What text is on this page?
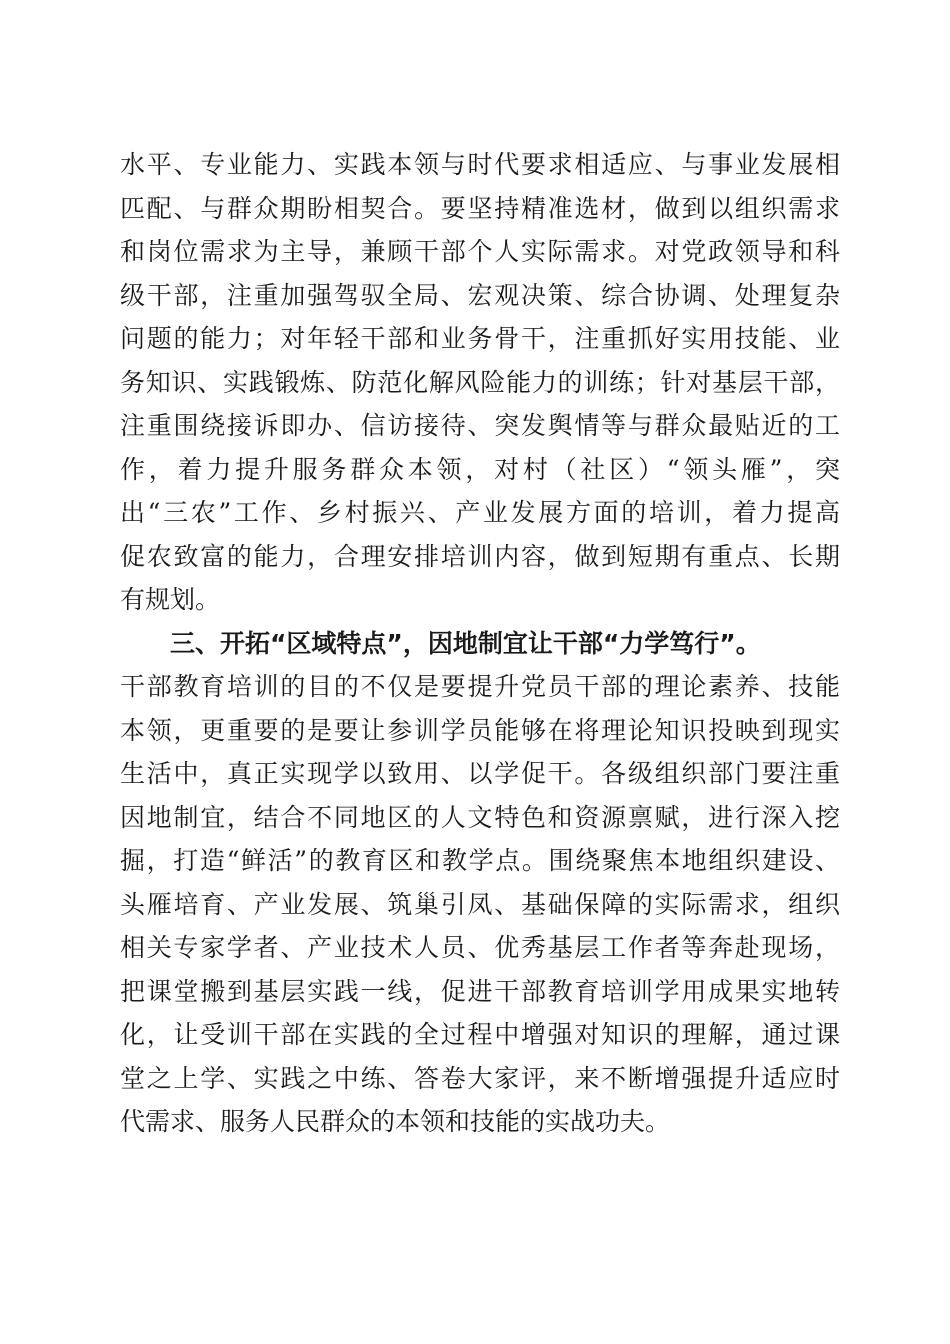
水平、专业能力、实践本领与时代要求相适应、与事业发展相
匹配、与群众期盼相契合。要坚持精准选材，做到以组织需求
和岗位需求为主导，兼顾干部个人实际需求。对党政领导和科
级干部，注重加强驾驭全局、宏观决策、综合协调、处理复杂
问题的能力；对年轻干部和业务骨干，注重抓好实用技能、业
务知识、实践锻炼、防范化解风险能力的训练；针对基层干部，
注重围绕接诉即办、信访接待、突发舆情等与群众最贴近的工
作，着力提升服务群众本领，对村（社区）“领头雁”，突
出“三农”工作、乡村振兴、产业发展方面的培训，着力提高
促农致富的能力，合理安排培训内容，做到短期有重点、长期
有规划。
三、开拓“区域特点”，因地制宜让干部“力学笃行”。
干部教育培训的目的不仅是要提升党员干部的理论素养、技能
本领，更重要的是要让参训学员能够在将理论知识投映到现实
生活中，真正实现学以致用、以学促干。各级组织部门要注重
因地制宜，结合不同地区的人文特色和资源禀赋，进行深入挖
掘，打造“鲜活”的教育区和教学点。围绕聚焦本地组织建设、
头雁培育、产业发展、筑巢引凤、基础保障的实际需求，组织
相关专家学者、产业技术人员、优秀基层工作者等奔赴现场，
把课堂搬到基层实践一线，促进干部教育培训学用成果实地转
化，让受训干部在实践的全过程中增强对知识的理解，通过课
堂之上学、实践之中练、答卷大家评，来不断增强提升适应时
代需求、服务人民群众的本领和技能的实战功夫。
